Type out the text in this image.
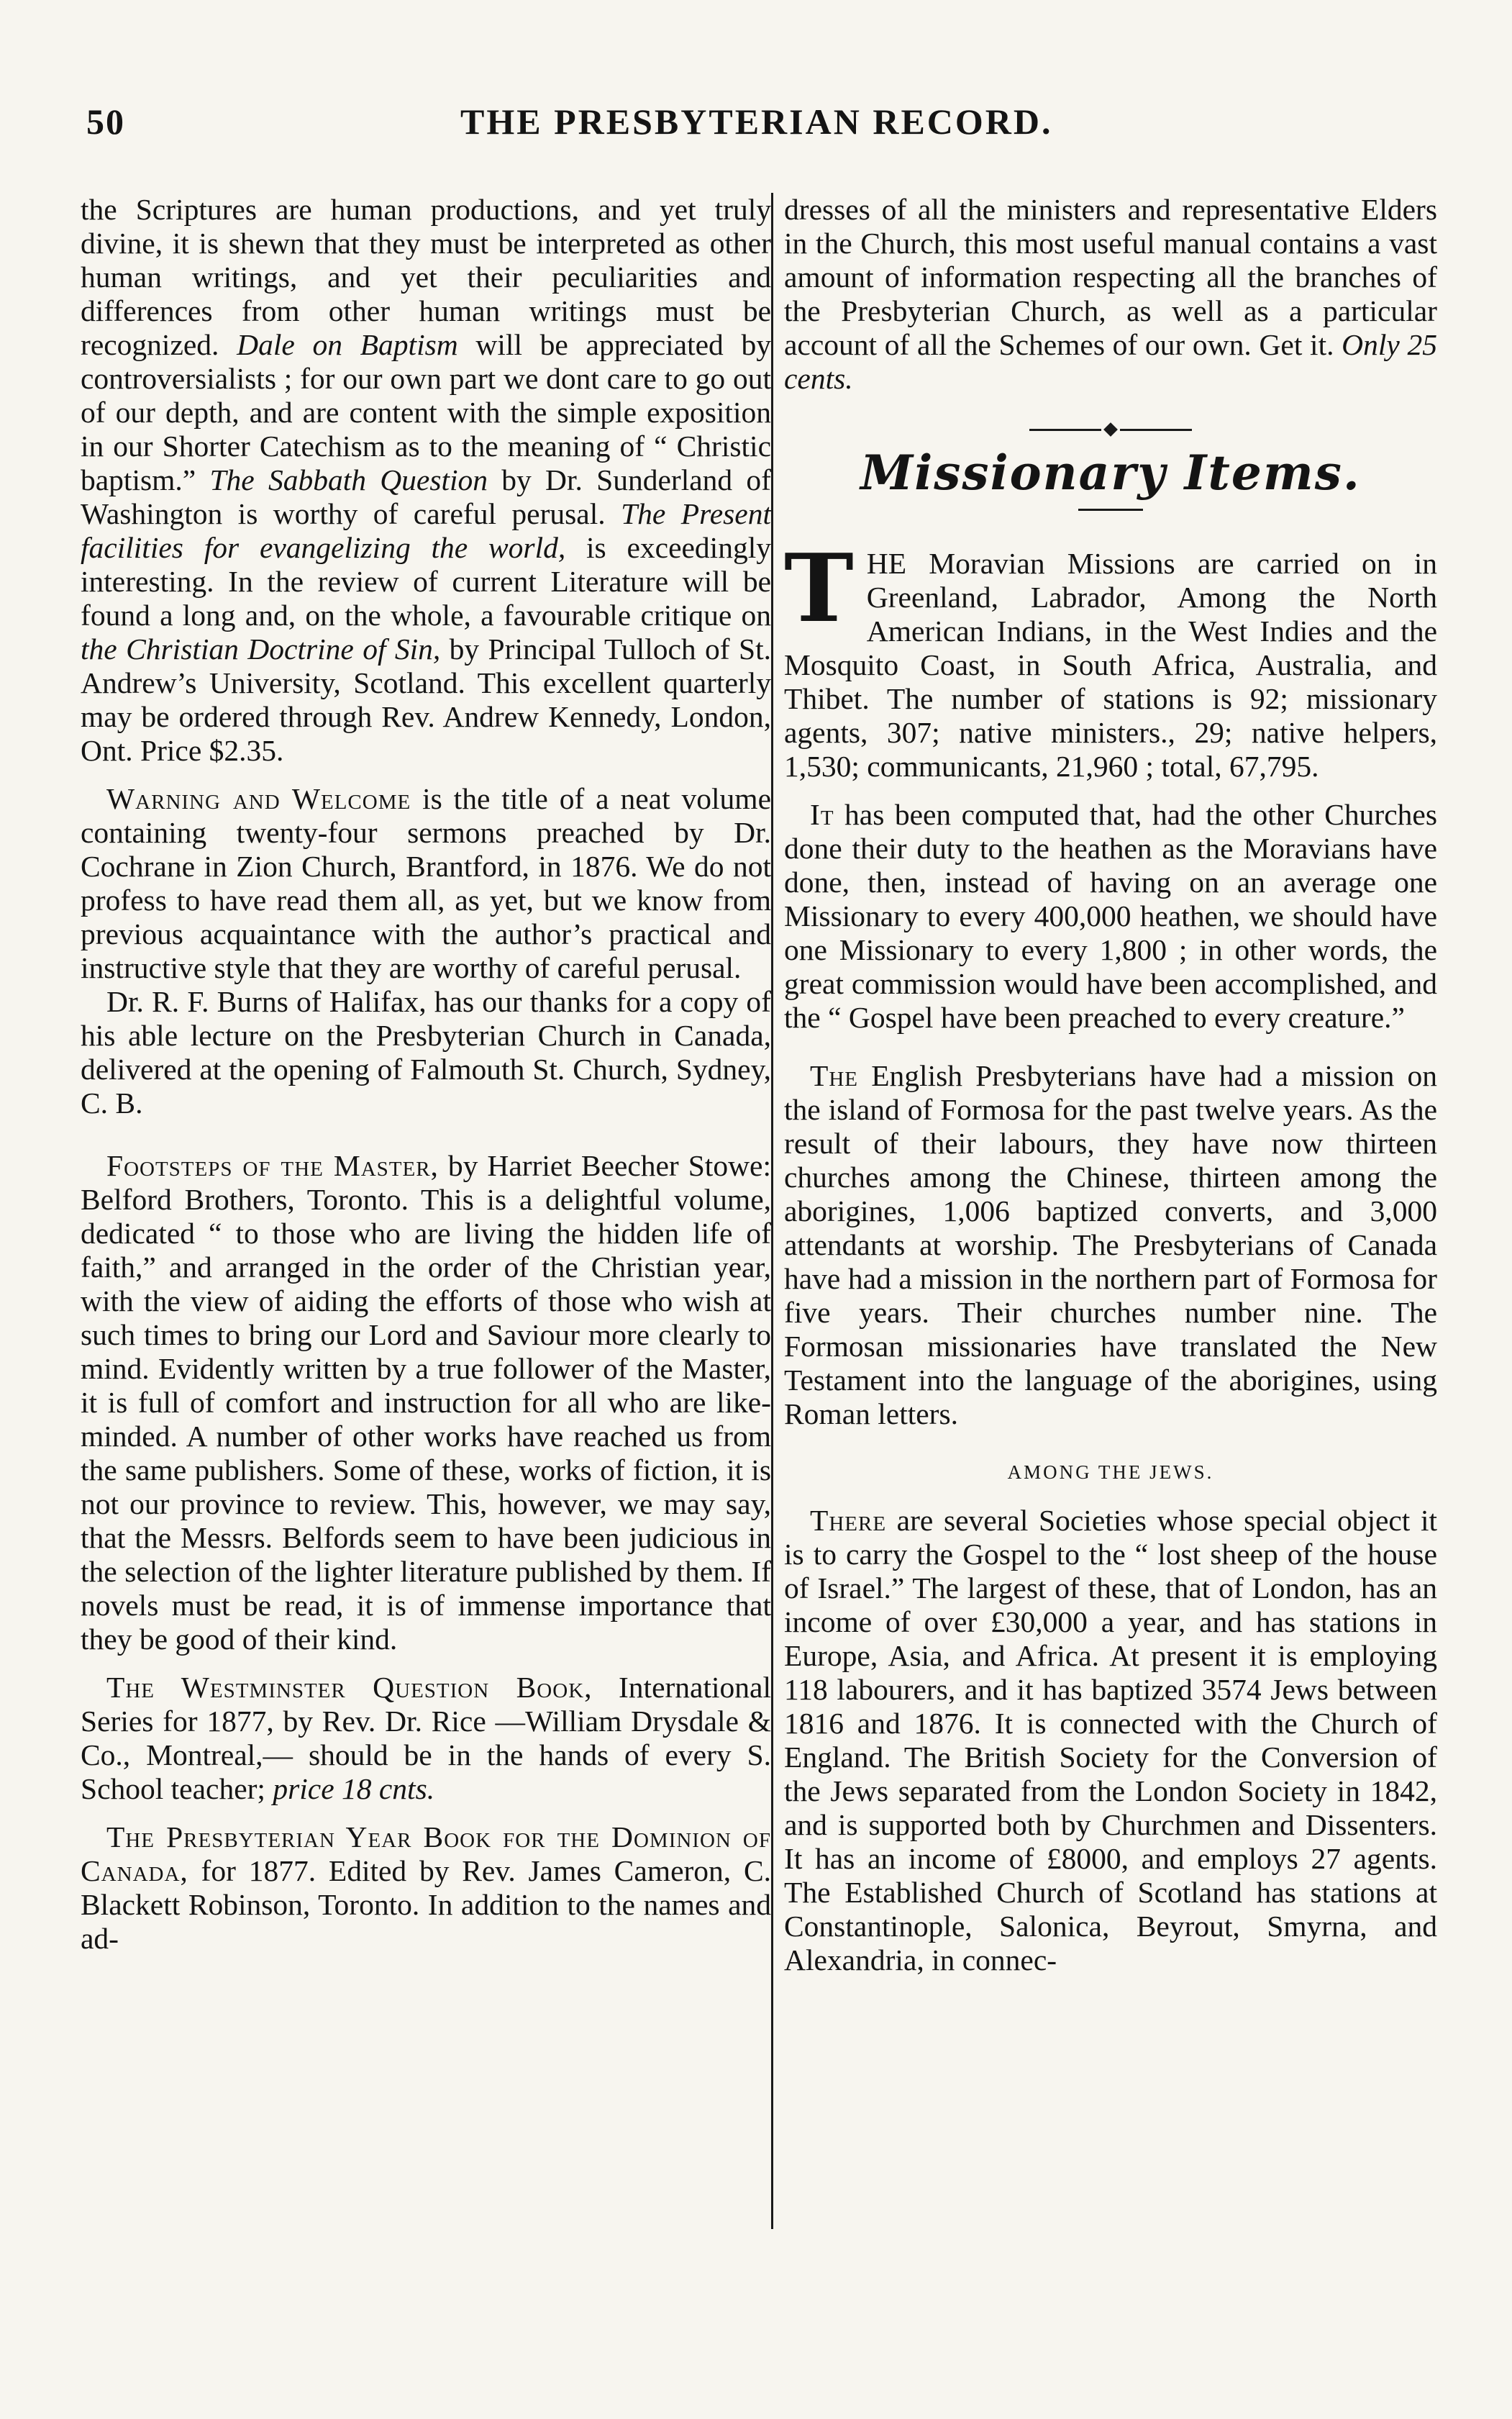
50	THE PRESBYTERIAN RECORD.

the Scriptures are human productions, and yet truly divine, it is shewn that they must be interpreted as other human writings, and yet their peculiarities and differences from other human writings must be recognized. Dale on Baptism will be appreciated by controversialists ; for our own part we dont care to go out of our depth, and are content with the simple exposition in our Shorter Catechism as to the meaning of “ Christic baptism.” The Sabbath Question by Dr. Sunderland of Washington is worthy of careful perusal. The Present facilities for evangelizing the world, is exceedingly interesting. In the review of current Literature will be found a long and, on the whole, a favourable critique on the Christian Doctrine of Sin, by Principal Tulloch of St. Andrew’s University, Scotland. This excellent quarterly may be ordered through Rev. Andrew Kennedy, London, Ont. Price $2.35.

Warning and Welcome is the title of a neat volume containing twenty-four sermons preached by Dr. Cochrane in Zion Church, Brantford, in 1876. We do not profess to have read them all, as yet, but we know from previous acquaintance with the author’s practical and instructive style that they are worthy of careful perusal.

Dr. R. F. Burns of Halifax, has our thanks for a copy of his able lecture on the Presbyterian Church in Canada, delivered at the opening of Falmouth St. Church, Sydney, C. B.

Footsteps of the Master, by Harriet Beecher Stowe: Belford Brothers, Toronto. This is a delightful volume, dedicated “ to those who are living the hidden life of faith,” and arranged in the order of the Christian year, with the view of aiding the efforts of those who wish at such times to bring our Lord and Saviour more clearly to mind. Evidently written by a true follower of the Master, it is full of comfort and instruction for all who are like-minded. A number of other works have reached us from the same publishers. Some of these, works of fiction, it is not our province to review. This, however, we may say, that the Messrs. Belfords seem to have been judicious in the selection of the lighter literature published by them. If novels must be read, it is of immense importance that they be good of their kind.

The Westminster Question Book, International Series for 1877, by Rev. Dr. Rice —William Drysdale & Co., Montreal,— should be in the hands of every S. School teacher; price 18 cnts.

The Presbyterian Year Book for the Dominion of Canada, for 1877. Edited by Rev. James Cameron, C. Blackett Robinson, Toronto. In addition to the names and ad-

dresses of all the ministers and representative Elders in the Church, this most useful manual contains a vast amount of information respecting all the branches of the Presbyterian Church, as well as a particular account of all the Schemes of our own. Get it. Only 25 cents.

Missionary Items.

THE Moravian Missions are carried on in Greenland, Labrador, Among the North American Indians, in the West Indies and the Mosquito Coast, in South Africa, Australia, and Thibet. The number of stations is 92; missionary agents, 307; native ministers., 29; native helpers, 1,530; communicants, 21,960 ; total, 67,795.

It has been computed that, had the other Churches done their duty to the heathen as the Moravians have done, then, instead of having on an average one Missionary to every 400,000 heathen, we should have one Missionary to every 1,800 ; in other words, the great commission would have been accomplished, and the “ Gospel have been preached to every creature.”

The English Presbyterians have had a mission on the island of Formosa for the past twelve years. As the result of their labours, they have now thirteen churches among the Chinese, thirteen among the aborigines, 1,006 baptized converts, and 3,000 attendants at worship. The Presbyterians of Canada have had a mission in the northern part of Formosa for five years. Their churches number nine. The Formosan missionaries have translated the New Testament into the language of the aborigines, using Roman letters.

AMONG THE JEWS.

There are several Societies whose special object it is to carry the Gospel to the “ lost sheep of the house of Israel.” The largest of these, that of London, has an income of over £30,000 a year, and has stations in Europe, Asia, and Africa. At present it is employing 118 labourers, and it has baptized 3574 Jews between 1816 and 1876. It is connected with the Church of England. The British Society for the Conversion of the Jews separated from the London Society in 1842, and is supported both by Churchmen and Dissenters. It has an income of £8000, and employs 27 agents. The Established Church of Scotland has stations at Constantinople, Salonica, Beyrout, Smyrna, and Alexandria, in connec-
